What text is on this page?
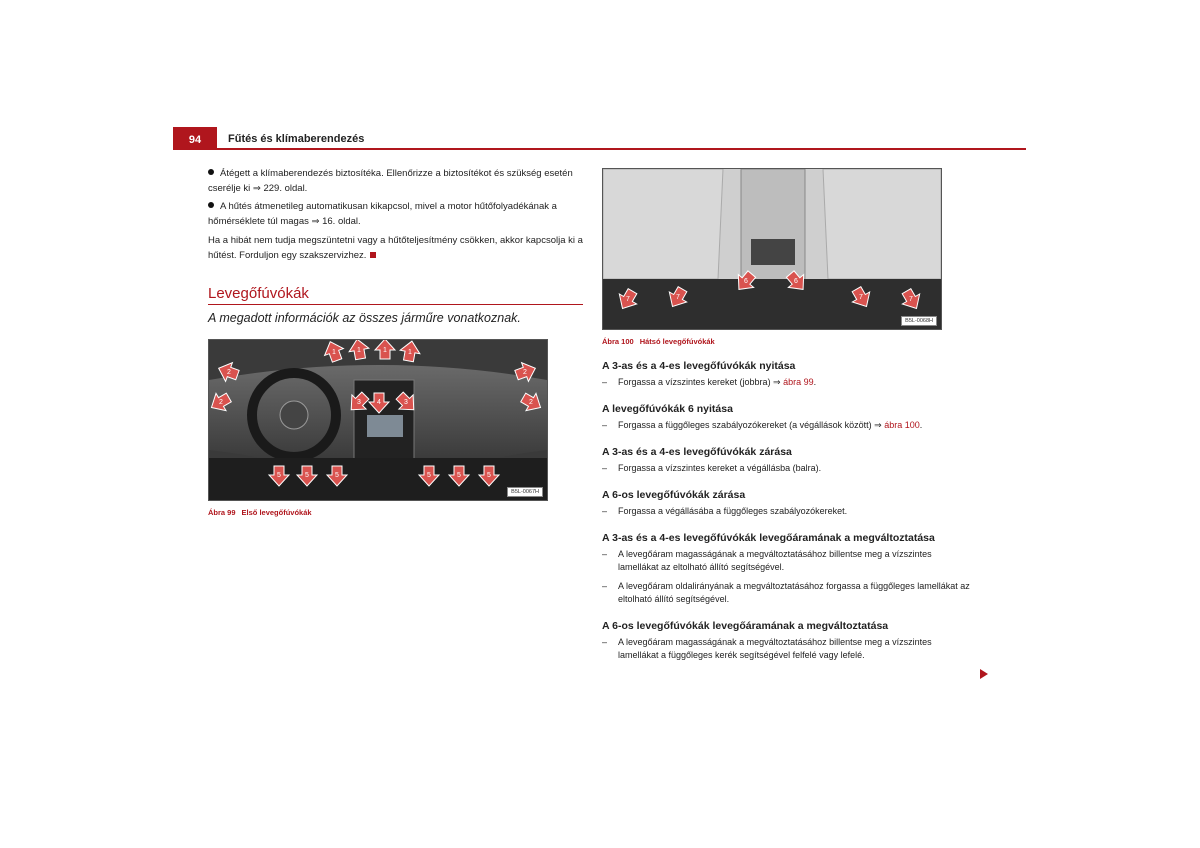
94	Fűtés és klímaberendezés

Átégett a klímaberendezés biztosítéka. Ellenőrizze a biztosítékot és szükség esetén cserélje ki ⇒ 229. oldal.

A hűtés átmenetileg automatikusan kikapcsol, mivel a motor hűtőfolyadékának a hőmérséklete túl magas ⇒ 16. oldal.

Ha a hibát nem tudja megszüntetni vagy a hűtőteljesítmény csökken, akkor kapcsolja ki a hűtést. Forduljon egy szakszervizhez.

Levegőfúvókák
A megadott információk az összes járműre vonatkoznak.
1	1	1	1
2
2
2
2
3	3
4
5	5	5	5	5	5
B5L-0067H
Ábra 99 Első levegőfúvókák
7	7
6	6
7	7
B5L-0068H
Ábra 100 Hátsó levegőfúvókák
A 3-as és a 4-es levegőfúvókák nyitása
–	Forgassa a vízszintes kereket (jobbra) ⇒ ábra 99.
A levegőfúvókák 6 nyitása
–	Forgassa a függőleges szabályozókereket (a végállások között) ⇒ ábra 100.
A 3-as és a 4-es levegőfúvókák zárása
–	Forgassa a vízszintes kereket a végállásba (balra).
A 6-os levegőfúvókák zárása
–	Forgassa a végállásába a függőleges szabályozókereket.
A 3-as és a 4-es levegőfúvókák levegőáramának a megváltoztatása
–	A levegőáram magasságának a megváltoztatásához billentse meg a vízszintes lamellákat az eltolható állító segítségével.
–	A levegőáram oldalirányának a megváltoztatásához forgassa a függőleges lamellákat az eltolható állító segítségével.
A 6-os levegőfúvókák levegőáramának a megváltoztatása
–	A levegőáram magasságának a megváltoztatásához billentse meg a vízszintes lamellákat a függőleges kerék segítségével felfelé vagy lefelé.
